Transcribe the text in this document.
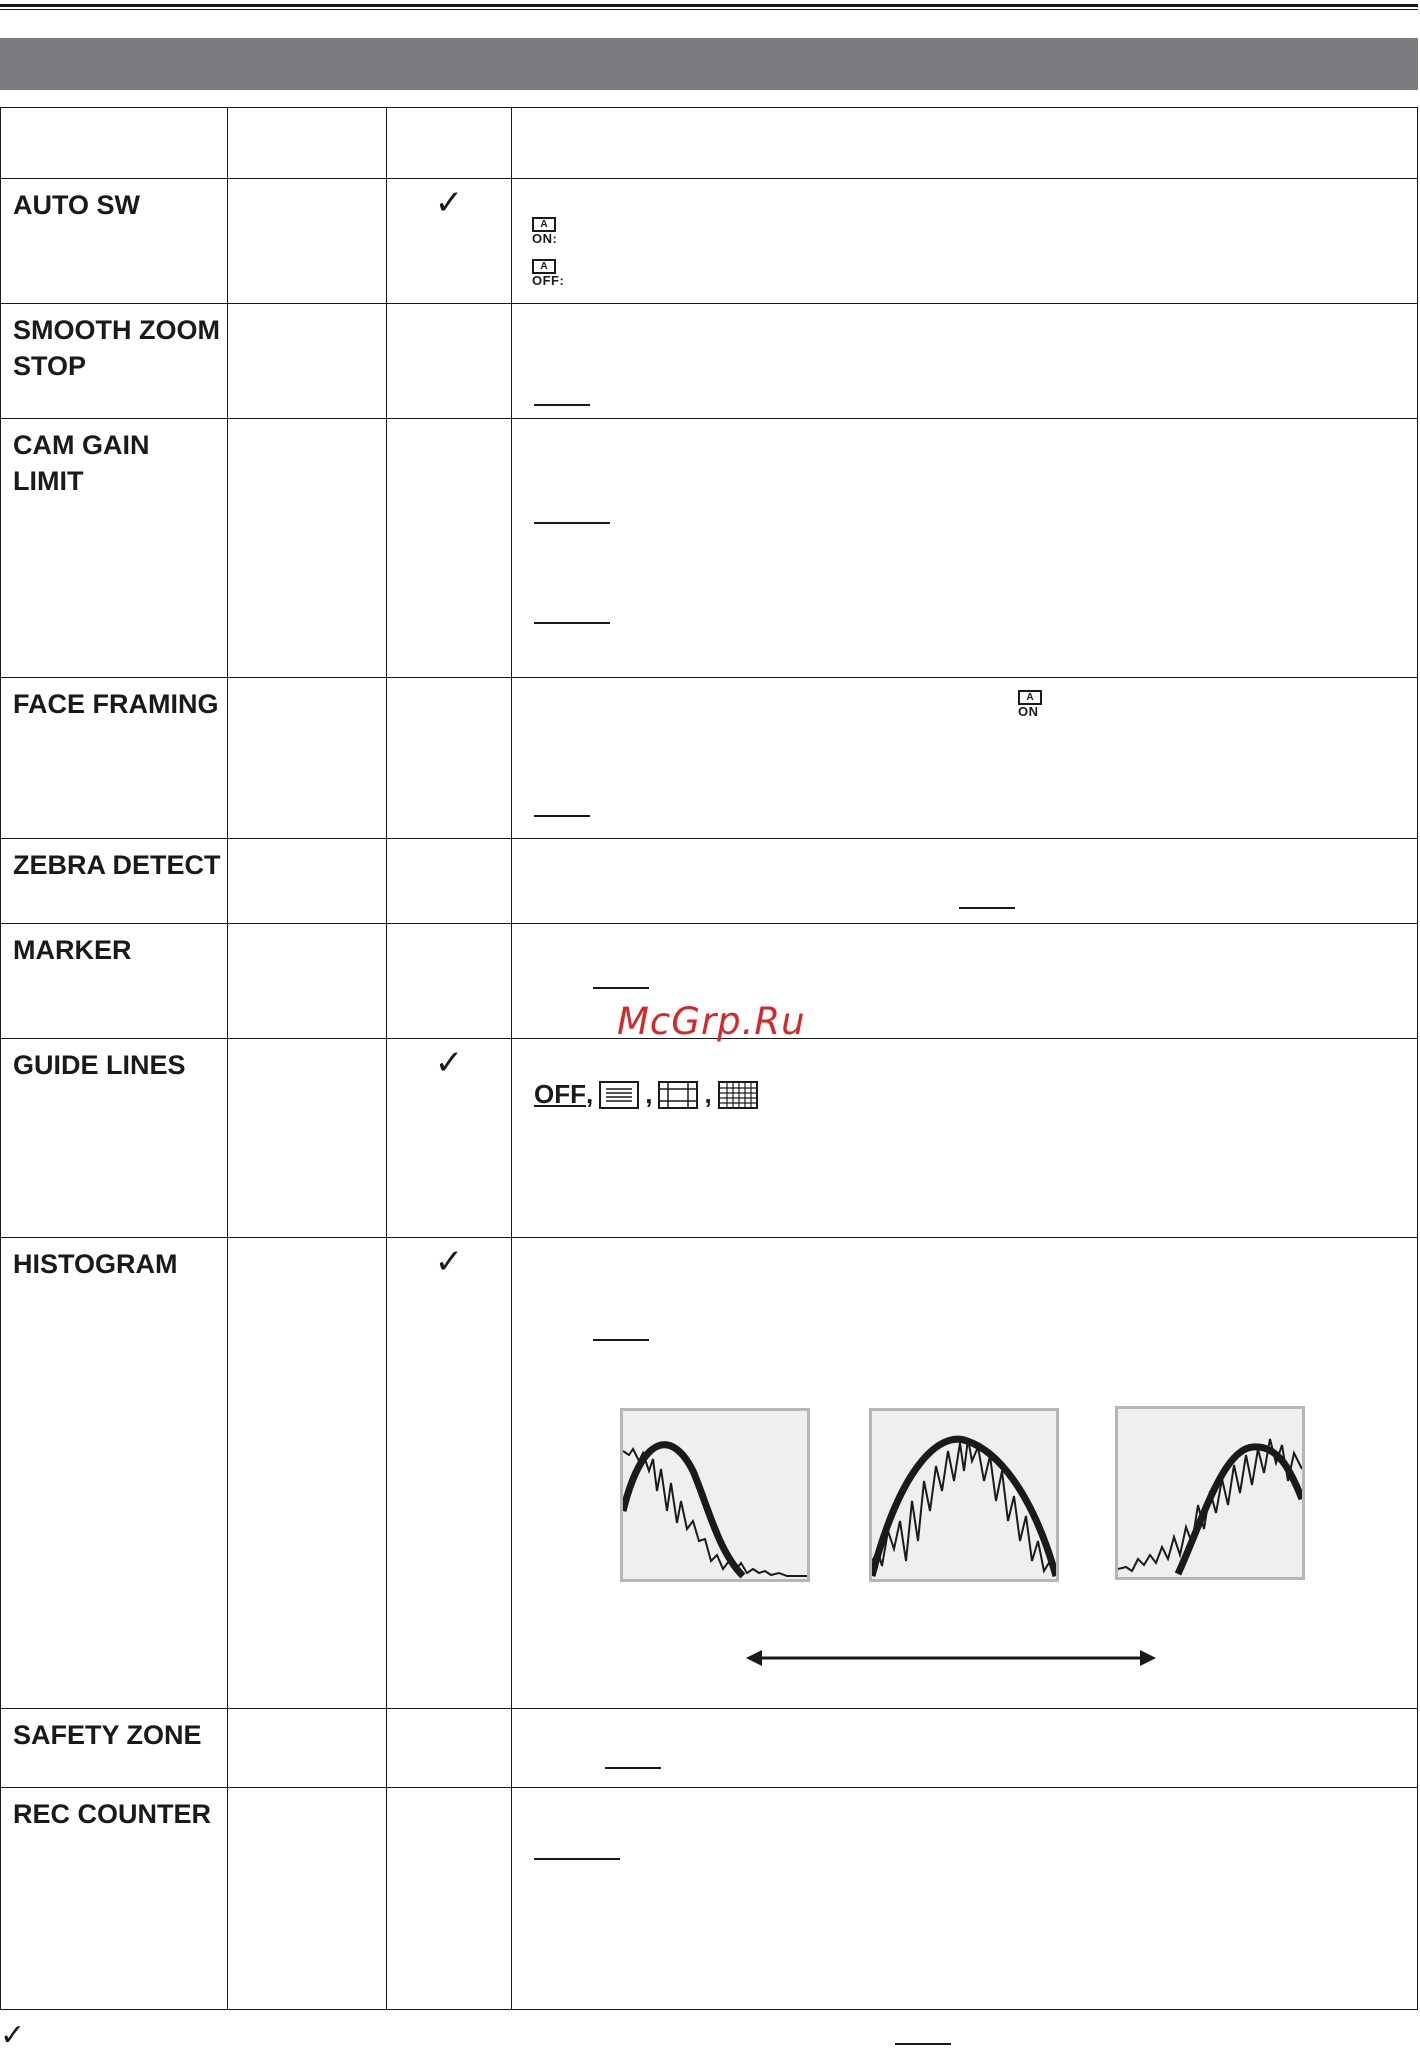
AUTO SW		✓	A
ON:
A
OFF:

SMOOTH ZOOM STOP			

CAM GAIN LIMIT			

FACE FRAMING			A
ON

ZEBRA DETECT			

MARKER			McGrp.Ru

GUIDE LINES		✓	OFF , , ,

HISTOGRAM		✓

SAFETY ZONE			

REC COUNTER			

✓
